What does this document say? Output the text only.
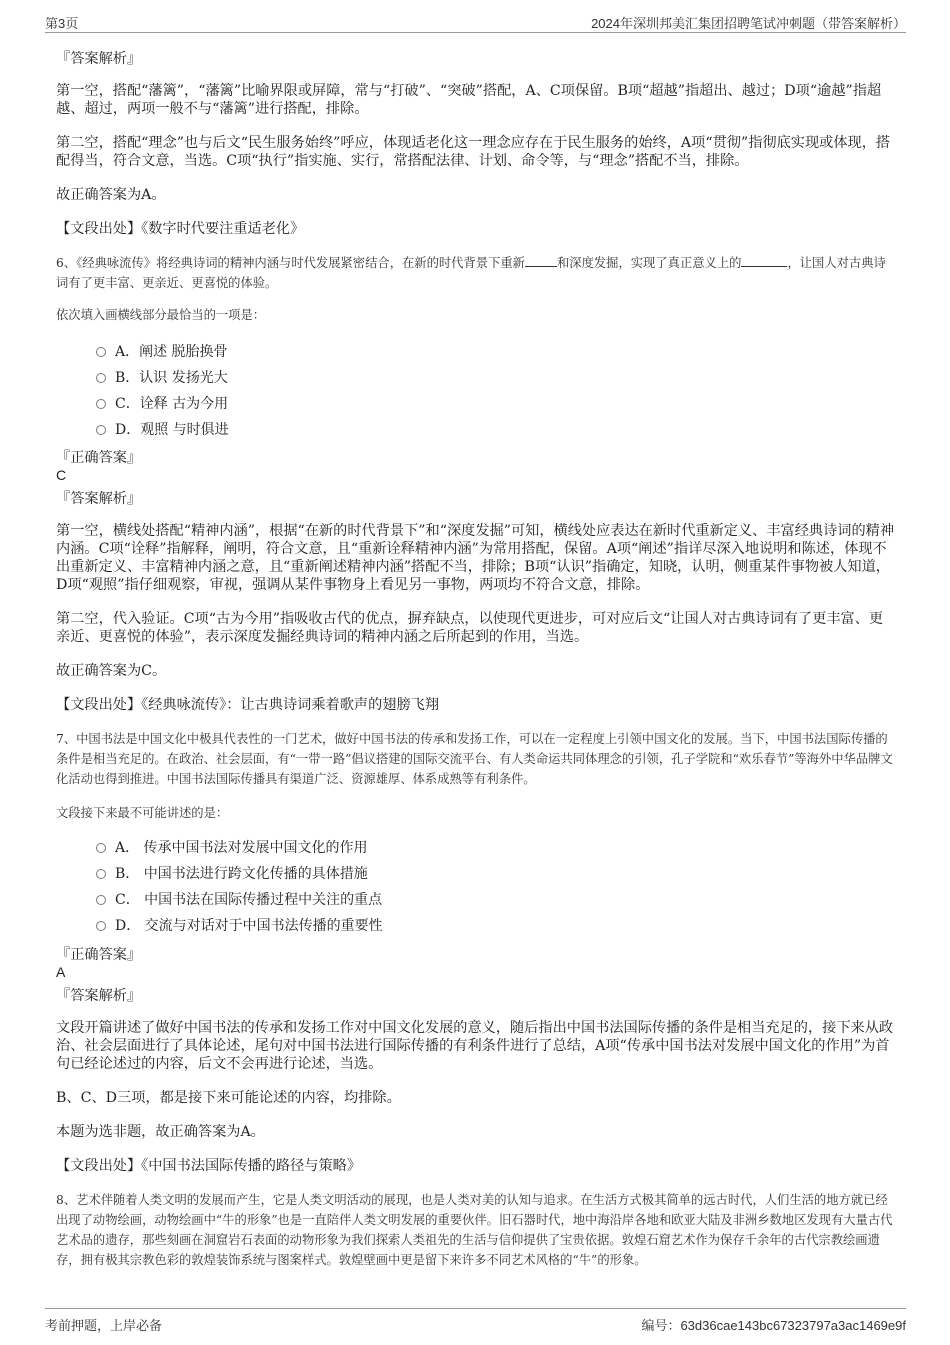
第3页	2024年深圳邦美汇集团招聘笔试冲刺题（带答案解析）
『答案解析』

第一空，搭配“藩篱”，“藩篱”比喻界限或屏障，常与“打破”、“突破”搭配，A、C项保留。B项“超越”指超出、越过；D项“逾越”指超越、超过，两项一般不与“藩篱”进行搭配，排除。

第二空，搭配“理念”也与后文“民生服务始终”呼应，体现适老化这一理念应存在于民生服务的始终，A项“贯彻”指彻底实现或体现，搭配得当，符合文意，当选。C项“执行”指实施、实行，常搭配法律、计划、命令等，与“理念”搭配不当，排除。

故正确答案为A。

【文段出处】《数字时代要注重适老化》

6、《经典咏流传》将经典诗词的精神内涵与时代发展紧密结合，在新的时代背景下重新	和深度发掘，实现了真正意义上的	，让国人对古典诗词有了更丰富、更亲近、更喜悦的体验。

依次填入画横线部分最恰当的一项是：

A．阐述 脱胎换骨
B．认识 发扬光大
C．诠释 古为今用
D．观照 与时俱进
『正确答案』
C
『答案解析』

第一空，横线处搭配“精神内涵”，根据“在新的时代背景下”和“深度发掘”可知，横线处应表达在新时代重新定义、丰富经典诗词的精神内涵。C项“诠释”指解释，阐明，符合文意，且“重新诠释精神内涵”为常用搭配，保留。A项“阐述”指详尽深入地说明和陈述，体现不出重新定义、丰富精神内涵之意，且“重新阐述精神内涵”搭配不当，排除；B项“认识”指确定，知晓，认明，侧重某件事物被人知道，D项“观照”指仔细观察，审视，强调从某件事物身上看见另一事物，两项均不符合文意，排除。

第二空，代入验证。C项“古为今用”指吸收古代的优点，摒弃缺点，以使现代更进步，可对应后文“让国人对古典诗词有了更丰富、更亲近、更喜悦的体验”，表示深度发掘经典诗词的精神内涵之后所起到的作用，当选。

故正确答案为C。

【文段出处】《经典咏流传》：让古典诗词乘着歌声的翅膀飞翔

7、中国书法是中国文化中极具代表性的一门艺术，做好中国书法的传承和发扬工作，可以在一定程度上引领中国文化的发展。当下，中国书法国际传播的条件是相当充足的。在政治、社会层面，有“一带一路”倡议搭建的国际交流平台、有人类命运共同体理念的引领，孔子学院和“欢乐春节”等海外中华品牌文化活动也得到推进。中国书法国际传播具有渠道广泛、资源雄厚、体系成熟等有利条件。

文段接下来最不可能讲述的是：

A． 传承中国书法对发展中国文化的作用
B． 中国书法进行跨文化传播的具体措施
C． 中国书法在国际传播过程中关注的重点
D． 交流与对话对于中国书法传播的重要性
『正确答案』
A
『答案解析』

文段开篇讲述了做好中国书法的传承和发扬工作对中国文化发展的意义，随后指出中国书法国际传播的条件是相当充足的，接下来从政治、社会层面进行了具体论述，尾句对中国书法进行国际传播的有利条件进行了总结，A项“传承中国书法对发展中国文化的作用”为首句已经论述过的内容，后文不会再进行论述，当选。

B、C、D三项，都是接下来可能论述的内容，均排除。

本题为选非题，故正确答案为A。

【文段出处】《中国书法国际传播的路径与策略》

8、艺术伴随着人类文明的发展而产生，它是人类文明活动的展现，也是人类对美的认知与追求。在生活方式极其简单的远古时代，人们生活的地方就已经出现了动物绘画，动物绘画中“牛的形象”也是一直陪伴人类文明发展的重要伙伴。旧石器时代，地中海沿岸各地和欧亚大陆及非洲乡数地区发现有大量古代艺术品的遗存，那些刻画在洞窟岩石表面的动物形象为我们探索人类祖先的生活与信仰提供了宝贵依据。敦煌石窟艺术作为保存千余年的古代宗教绘画遗存，拥有极其宗教色彩的敦煌装饰系统与图案样式。敦煌壁画中更是留下来许多不同艺术风格的“牛”的形象。

考前押题，上岸必备	编号：63d36cae143bc67323797a3ac1469e9f
